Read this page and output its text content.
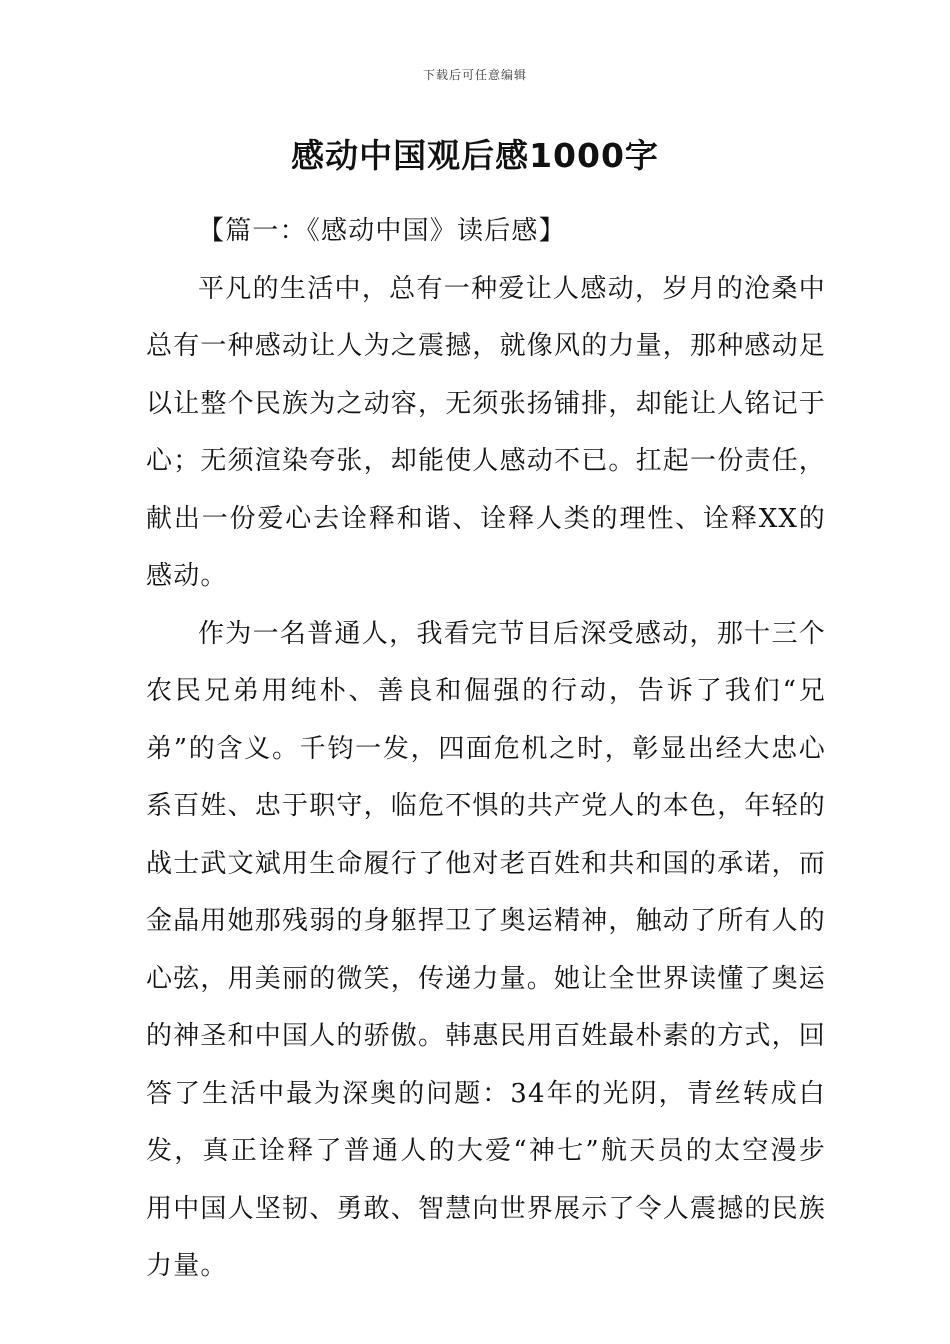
下载后可任意编辑
感动中国观后感1000字

【篇一：《感动中国》读后感】

平凡的生活中，总有一种爱让人感动，岁月的沧桑中总有一种感动让人为之震撼，就像风的力量，那种感动足以让整个民族为之动容，无须张扬铺排，却能让人铭记于心；无须渲染夸张，却能使人感动不已。扛起一份责任，献出一份爱心去诠释和谐、诠释人类的理性、诠释XX的感动。

作为一名普通人，我看完节目后深受感动，那十三个农民兄弟用纯朴、善良和倔强的行动，告诉了我们“兄弟”的含义。千钧一发，四面危机之时，彰显出经大忠心系百姓、忠于职守，临危不惧的共产党人的本色，年轻的战士武文斌用生命履行了他对老百姓和共和国的承诺，而金晶用她那残弱的身躯捍卫了奥运精神，触动了所有人的心弦，用美丽的微笑，传递力量。她让全世界读懂了奥运的神圣和中国人的骄傲。韩惠民用百姓最朴素的方式，回答了生活中最为深奥的问题：34年的光阴，青丝转成白发，真正诠释了普通人的大爱“神七”航天员的太空漫步用中国人坚韧、勇敢、智慧向世界展示了令人震撼的民族力量。
